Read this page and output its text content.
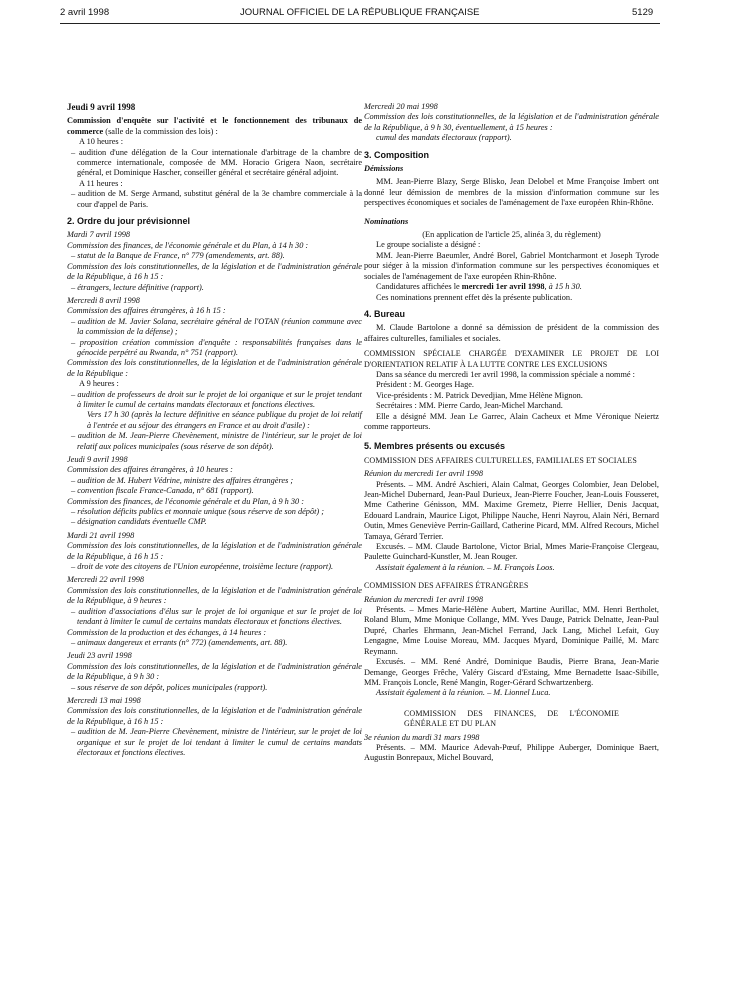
2 avril 1998	JOURNAL OFFICIEL DE LA RÉPUBLIQUE FRANÇAISE	5129

Jeudi 9 avril 1998

Commission d'enquête sur l'activité et le fonctionnement des tribunaux de commerce (salle de la commission des lois) :

A 10 heures :

– audition d'une délégation de la Cour internationale d'arbitrage de la chambre de commerce internationale, composée de MM. Horacio Grigera Naon, secrétaire général, et Dominique Hascher, conseiller général et secrétaire général adjoint.

A 11 heures :

– audition de M. Serge Armand, substitut général de la 3e chambre commerciale à la cour d'appel de Paris.

2. Ordre du jour prévisionnel

Mardi 7 avril 1998

Commission des finances, de l'économie générale et du Plan, à 14 h 30 :

– statut de la Banque de France, n° 779 (amendements, art. 88).

Commission des lois constitutionnelles, de la législation et de l'administration générale de la République, à 16 h 15 :

– étrangers, lecture définitive (rapport).

Mercredi 8 avril 1998

Commission des affaires étrangères, à 16 h 15 :

– audition de M. Javier Solana, secrétaire général de l'OTAN (réunion commune avec la commission de la défense) ;

– proposition création commission d'enquête : responsabilités françaises dans le génocide perpétré au Rwanda, n° 751 (rapport).

Commission des lois constitutionnelles, de la législation et de l'administration générale de la République :

A 9 heures :

– audition de professeurs de droit sur le projet de loi organique et sur le projet tendant à limiter le cumul de certains mandats électoraux et fonctions électives.

Vers 17 h 30 (après la lecture définitive en séance publique du projet de loi relatif à l'entrée et au séjour des étrangers en France et au droit d'asile) :

– audition de M. Jean-Pierre Chevènement, ministre de l'intérieur, sur le projet de loi relatif aux polices municipales (sous réserve de son dépôt).

Jeudi 9 avril 1998

Commission des affaires étrangères, à 10 heures :

– audition de M. Hubert Védrine, ministre des affaires étrangères ;

– convention fiscale France-Canada, n° 681 (rapport).

Commission des finances, de l'économie générale et du Plan, à 9 h 30 :

– résolution déficits publics et monnaie unique (sous réserve de son dépôt) ;

– désignation candidats éventuelle CMP.

Mardi 21 avril 1998

Commission des lois constitutionnelles, de la législation et de l'administration générale de la République, à 16 h 15 :

– droit de vote des citoyens de l'Union européenne, troisième lecture (rapport).

Mercredi 22 avril 1998

Commission des lois constitutionnelles, de la législation et de l'administration générale de la République, à 9 heures :

– audition d'associations d'élus sur le projet de loi organique et sur le projet de loi tendant à limiter le cumul de certains mandats électoraux et fonctions électives.

Commission de la production et des échanges, à 14 heures :

– animaux dangereux et errants (n° 772) (amendements, art. 88).

Jeudi 23 avril 1998

Commission des lois constitutionnelles, de la législation et de l'administration générale de la République, à 9 h 30 :

– sous réserve de son dépôt, polices municipales (rapport).

Mercredi 13 mai 1998

Commission des lois constitutionnelles, de la législation et de l'administration générale de la République, à 16 h 15 :

– audition de M. Jean-Pierre Chevènement, ministre de l'intérieur, sur le projet de loi organique et sur le projet de loi tendant à limiter le cumul de certains mandats électoraux et fonctions électives.

Mercredi 20 mai 1998

Commission des lois constitutionnelles, de la législation et de l'administration générale de la République, à 9 h 30, éventuellement, à 15 heures :

cumul des mandats électoraux (rapport).

3. Composition

Démissions

MM. Jean-Pierre Blazy, Serge Blisko, Jean Delobel et Mme Françoise Imbert ont donné leur démission de membres de la mission d'information commune sur les perspectives économiques et sociales de l'aménagement de l'axe européen Rhin-Rhône.

Nominations

(En application de l'article 25, alinéa 3, du règlement)

Le groupe socialiste a désigné :

MM. Jean-Pierre Baeumler, André Borel, Gabriel Montcharmont et Joseph Tyrode pour siéger à la mission d'information commune sur les perspectives économiques et sociales de l'aménagement de l'axe européen Rhin-Rhône.

Candidatures affichées le mercredi 1er avril 1998, à 15 h 30.

Ces nominations prennent effet dès la présente publication.

4. Bureau

M. Claude Bartolone a donné sa démission de président de la commission des affaires culturelles, familiales et sociales.

COMMISSION SPÉCIALE CHARGÉE D'EXAMINER LE PROJET DE LOI D'ORIENTATION RELATIF À LA LUTTE CONTRE LES EXCLUSIONS

Dans sa séance du mercredi 1er avril 1998, la commission spéciale a nommé :

Président : M. Georges Hage.

Vice-présidents : M. Patrick Devedjian, Mme Hélène Mignon.

Secrétaires : MM. Pierre Cardo, Jean-Michel Marchand.

Elle a désigné MM. Jean Le Garrec, Alain Cacheux et Mme Véronique Neiertz comme rapporteurs.

5. Membres présents ou excusés

COMMISSION DES AFFAIRES CULTURELLES, FAMILIALES ET SOCIALES

Réunion du mercredi 1er avril 1998

Présents. – MM. André Aschieri, Alain Calmat, Georges Colombier, Jean Delobel, Jean-Michel Dubernard, Jean-Paul Durieux, Jean-Pierre Foucher, Jean-Louis Fousseret, Mme Catherine Génisson, MM. Maxime Gremetz, Pierre Hellier, Denis Jacquat, Edouard Landrain, Maurice Ligot, Philippe Nauche, Henri Nayrou, Alain Néri, Bernard Outin, Mmes Geneviève Perrin-Gaillard, Catherine Picard, MM. Alfred Recours, Michel Tamaya, Gérard Terrier.

Excusés. – MM. Claude Bartolone, Victor Brial, Mmes Marie-Françoise Clergeau, Paulette Guinchard-Kunstler, M. Jean Rouger.

Assistait également à la réunion. – M. François Loos.

COMMISSION DES AFFAIRES ÉTRANGÈRES

Réunion du mercredi 1er avril 1998

Présents. – Mmes Marie-Hélène Aubert, Martine Aurillac, MM. Henri Bertholet, Roland Blum, Mme Monique Collange, MM. Yves Dauge, Patrick Delnatte, Jean-Paul Dupré, Charles Ehrmann, Jean-Michel Ferrand, Jack Lang, Michel Lefait, Guy Lengagne, Mme Louise Moreau, MM. Jacques Myard, Dominique Paillé, M. Marc Reymann.

Excusés. – MM. René André, Dominique Baudis, Pierre Brana, Jean-Marie Demange, Georges Frêche, Valéry Giscard d'Estaing, Mme Bernadette Isaac-Sibille, MM. François Loncle, René Mangin, Roger-Gérard Schwartzenberg.

Assistait également à la réunion. – M. Lionnel Luca.

COMMISSION DES FINANCES, DE L'ÉCONOMIE GÉNÉRALE ET DU PLAN

3e réunion du mardi 31 mars 1998

Présents. – MM. Maurice Adevah-Pœuf, Philippe Auberger, Dominique Baert, Augustin Bonrepaux, Michel Bouvard,
